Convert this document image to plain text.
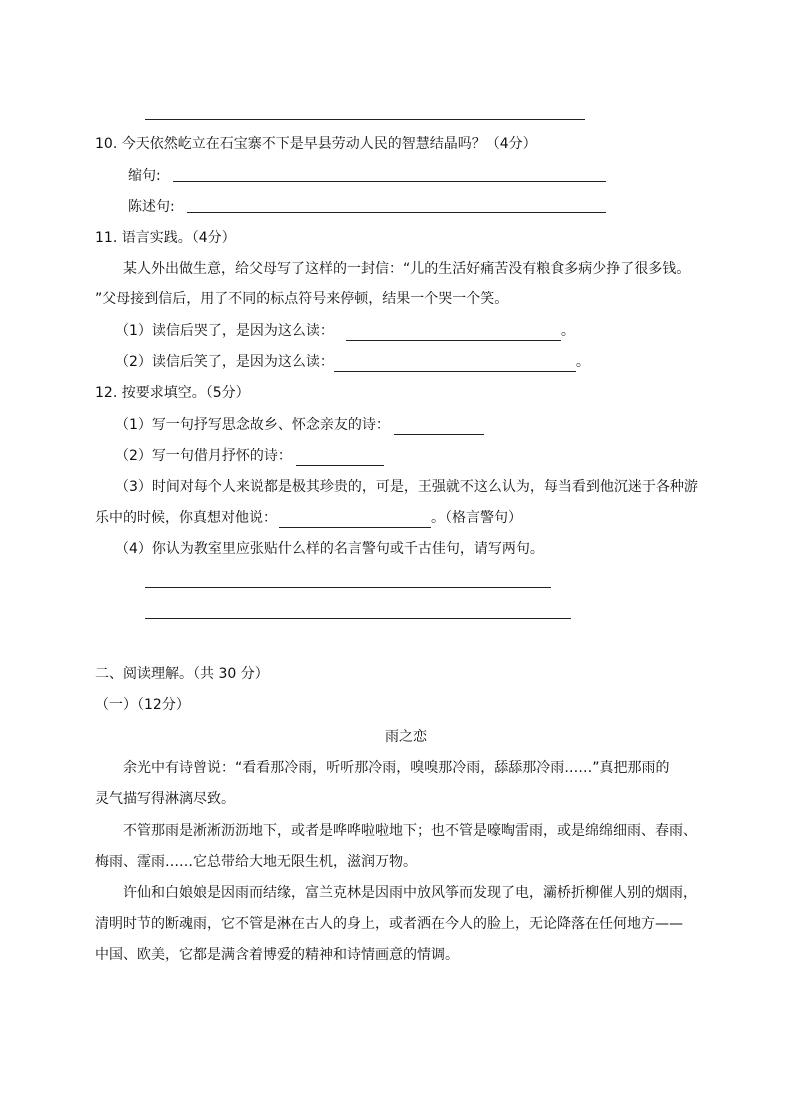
10. 今天依然屹立在石宝寨不下是早县劳动人民的智慧结晶吗？（4分）
缩句:
陈述句:
11. 语言实践。（4分）
某人外出做生意，给父母写了这样的一封信：“儿的生活好痛苦没有粮食多病少挣了很多钱。
”父母接到信后，用了不同的标点符号来停顿，结果一个哭一个笑。
（1）读信后哭了，是因为这么读：	。
（2）读信后笑了，是因为这么读：	。
12. 按要求填空。（5分）
（1）写一句抒写思念故乡、怀念亲友的诗：
（2）写一句借月抒怀的诗：
（3）时间对每个人来说都是极其珍贵的，可是，王强就不这么认为，每当看到他沉迷于各种游
乐中的时候，你真想对他说：	。（格言警句）
（4）你认为教室里应张贴什么样的名言警句或千古佳句，请写两句。
二、阅读理解。（共 30 分）
（一）（12分）
雨之恋
余光中有诗曾说：“看看那冷雨，听听那冷雨，嗅嗅那冷雨，舔舔那冷雨……”真把那雨的
灵气描写得淋漓尽致。
不管那雨是淅淅沥沥地下，或者是哗哗啦啦地下；也不管是嚎啕雷雨，或是绵绵细雨、春雨、
梅雨、霪雨……它总带给大地无限生机，滋润万物。
许仙和白娘娘是因雨而结缘，富兰克林是因雨中放风筝而发现了电，灞桥折柳催人别的烟雨，
清明时节的断魂雨，它不管是淋在古人的身上，或者洒在今人的脸上，无论降落在任何地方——
中国、欧美，它都是满含着博爱的精神和诗情画意的情调。
